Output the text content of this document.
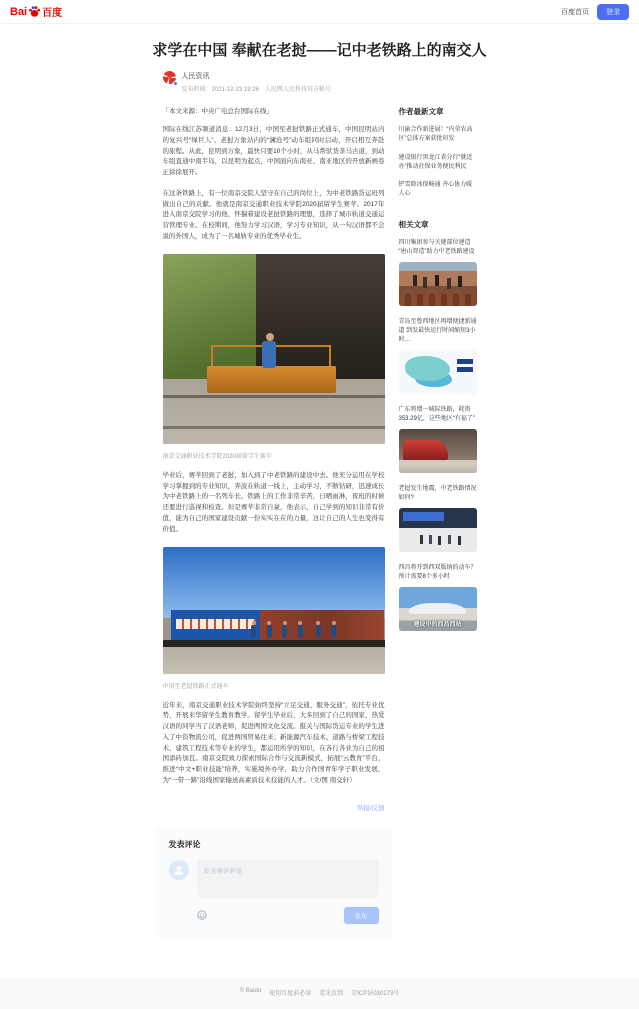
Bai 百度	百度首页	登录
求学在中国 奉献在老挝——记中老铁路上的南交人
人民资讯
发布时间：2021-12-23 19:26 人民网人民科技官方帐号
「本文来源：中央广电总台国际在线」

国际在线江苏频道消息：12月3日，中国至老挝铁路正式通车，中国昆明站内的复兴号“绿巨人”、老挝万象站内的“澜沧号”动车组同时启动，开启相互奔赴的旅程。从此，昆明到万象，最快只要10个小时，从马帮驮货茶马古道，到动车组直通中南半岛，以昆明为起点，中国面向东南亚、南亚地区的开放新画卷正徐徐展开。

在这条铁路上，有一位南京交院人坚守在自己的岗位上，为中老铁路货运班列做出自己的贡献。他就是南京交通职业技术学院2020届留学生赛苹。2017年进入南京交院学习的他，怀揣着建设老挝铁路的理想，选择了城市轨道交通运营管理专业。在校期间，他努力学习汉语，学习专业知识，从一句汉语都不会说的外国人，成为了一名城轨专业的优秀毕业生。

南京交通职业技术学院2020届留学生赛苹

毕业后，赛苹回到了老挝，加入到了中老铁路的建设中去。他充分运用在学校学习掌握到的专业知识，奔波在轨道一线上，主动学习，不断钻研，迅速成长为中老铁路上的一名列车长。铁路上的工作非常辛苦，日晒雨淋，夜班的时候还要进行巡视和检查。但是赛苹非常自豪，他表示，自己学到的知识非常有价值，能为自己的国家建设贡献一份实实在在的力量，这让自己的人生也变得有价值。

中国至老挝铁路正式通车

近年来，南京交通职业技术学院始终坚持“立足交通、服务交通”，依托专业优势，开展来华留学生教育教学。留学生毕业后，大多回到了自己的国家，热爱汉语的同学当了汉语老师，促进两国文化交流。报关与国际货运专业的学生进入了中资物流公司，促进两国贸易往来；新能源汽车技术、道路与桥梁工程技术、建筑工程技术等专业的学生，都运用所学的知识，在各行各业为自己的祖国添砖加瓦。南京交院致力探索国际合作与交流新模式，拓展“云教育”平台，推进“中文+职业技能”培养，实施境外办学，助力合作国青年学子职业发展，为“一带一路”沿线国家输送高素质技术技能的人才。（文/图 南交轩）

举报/反馈
发表评论
发表神评妙论
发布
作者最新文章
川渝合作新进展！“内荣农高区”总体方案获批印发
建设银行黑龙江省分行“就近办”推动社保业务便民利民
铲雪除冰保畅通 齐心协力暖人心
相关文章
四川集团参与关键部位建造 “唐山智造”助力中老铁路建设
青岛至鲁西地区再增便捷新通道 到发最快运行时间缩短3小时…
广东将增一城际铁路，耗资353.29亿，这些地区“有福了”
老挝发生地震，中老铁路情况如何?
西昌将开到西双版纳的动车？预计需要8个多小时
建设中的西昌西站
© Baidu 使用百度前必读 意见反馈 京ICP证030173号
